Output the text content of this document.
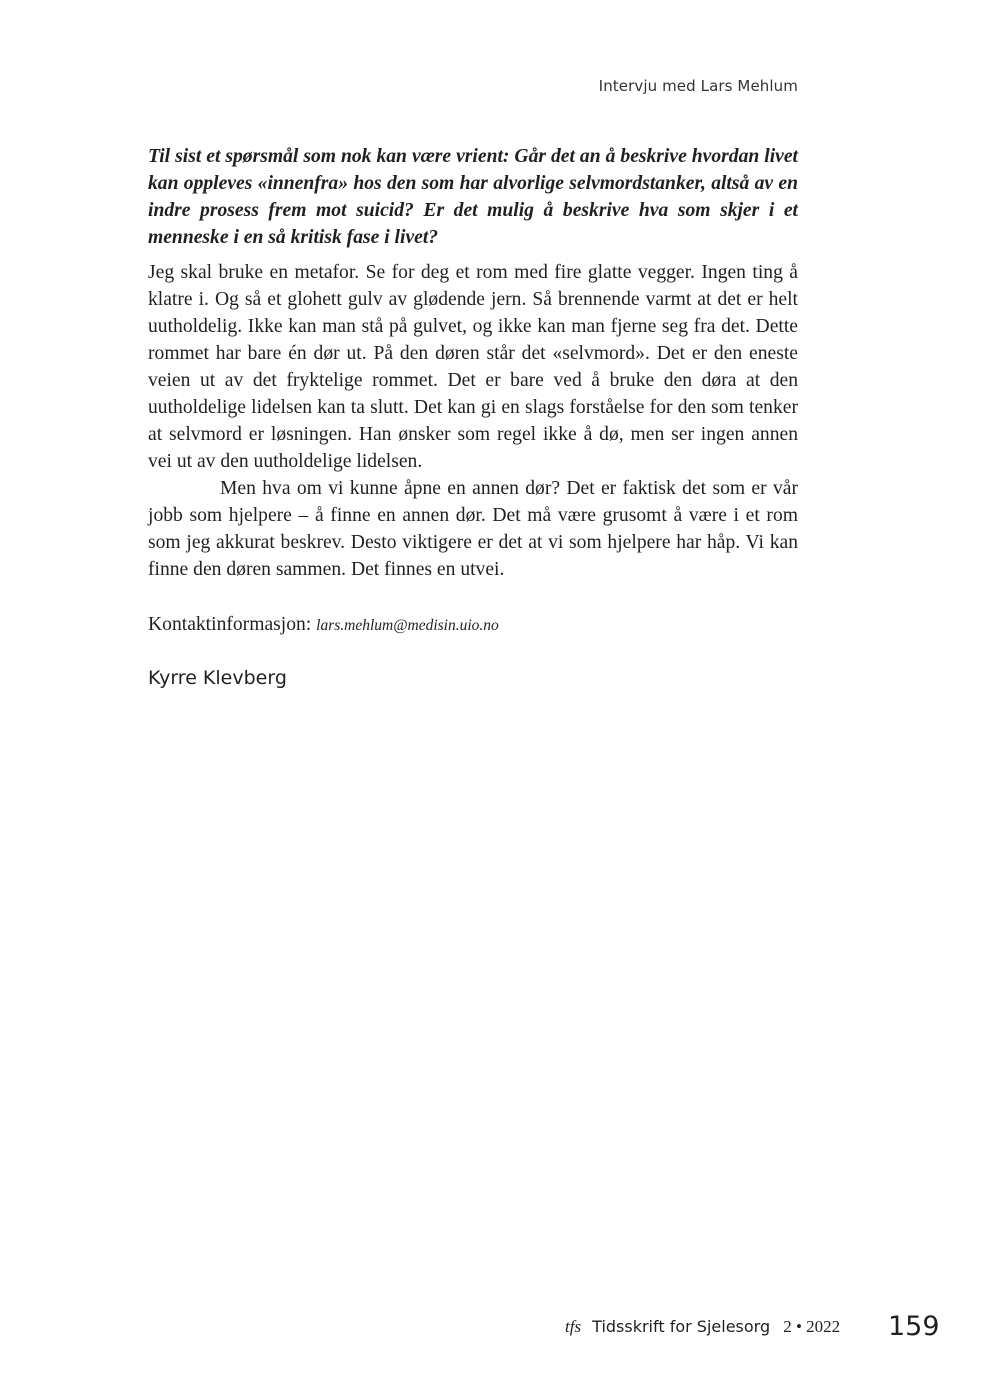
Intervju med Lars Mehlum

Til sist et spørsmål som nok kan være vrient: Går det an å beskrive hvordan livet kan oppleves «innenfra» hos den som har alvorlige selvmordstanker, altså av en indre prosess frem mot suicid? Er det mulig å beskrive hva som skjer i et menneske i en så kritisk fase i livet?

Jeg skal bruke en metafor. Se for deg et rom med fire glatte vegger. Ingen ting å klatre i. Og så et glohett gulv av glødende jern. Så brennende varmt at det er helt uutholdelig. Ikke kan man stå på gulvet, og ikke kan man fjerne seg fra det. Dette rommet har bare én dør ut. På den døren står det «selvmord». Det er den eneste veien ut av det fryktelige rommet. Det er bare ved å bruke den døra at den uutholdelige lidelsen kan ta slutt. Det kan gi en slags forståelse for den som tenker at selvmord er løsningen. Han ønsker som regel ikke å dø, men ser ingen annen vei ut av den uutholdelige lidelsen.

Men hva om vi kunne åpne en annen dør? Det er faktisk det som er vår jobb som hjelpere – å finne en annen dør. Det må være grusomt å være i et rom som jeg akkurat beskrev. Desto viktigere er det at vi som hjelpere har håp. Vi kan finne den døren sammen. Det finnes en utvei.

Kontaktinformasjon: lars.mehlum@medisin.uio.no

Kyrre Klevberg

tfs Tidsskrift for Sjelesorg 2 • 2022 159
